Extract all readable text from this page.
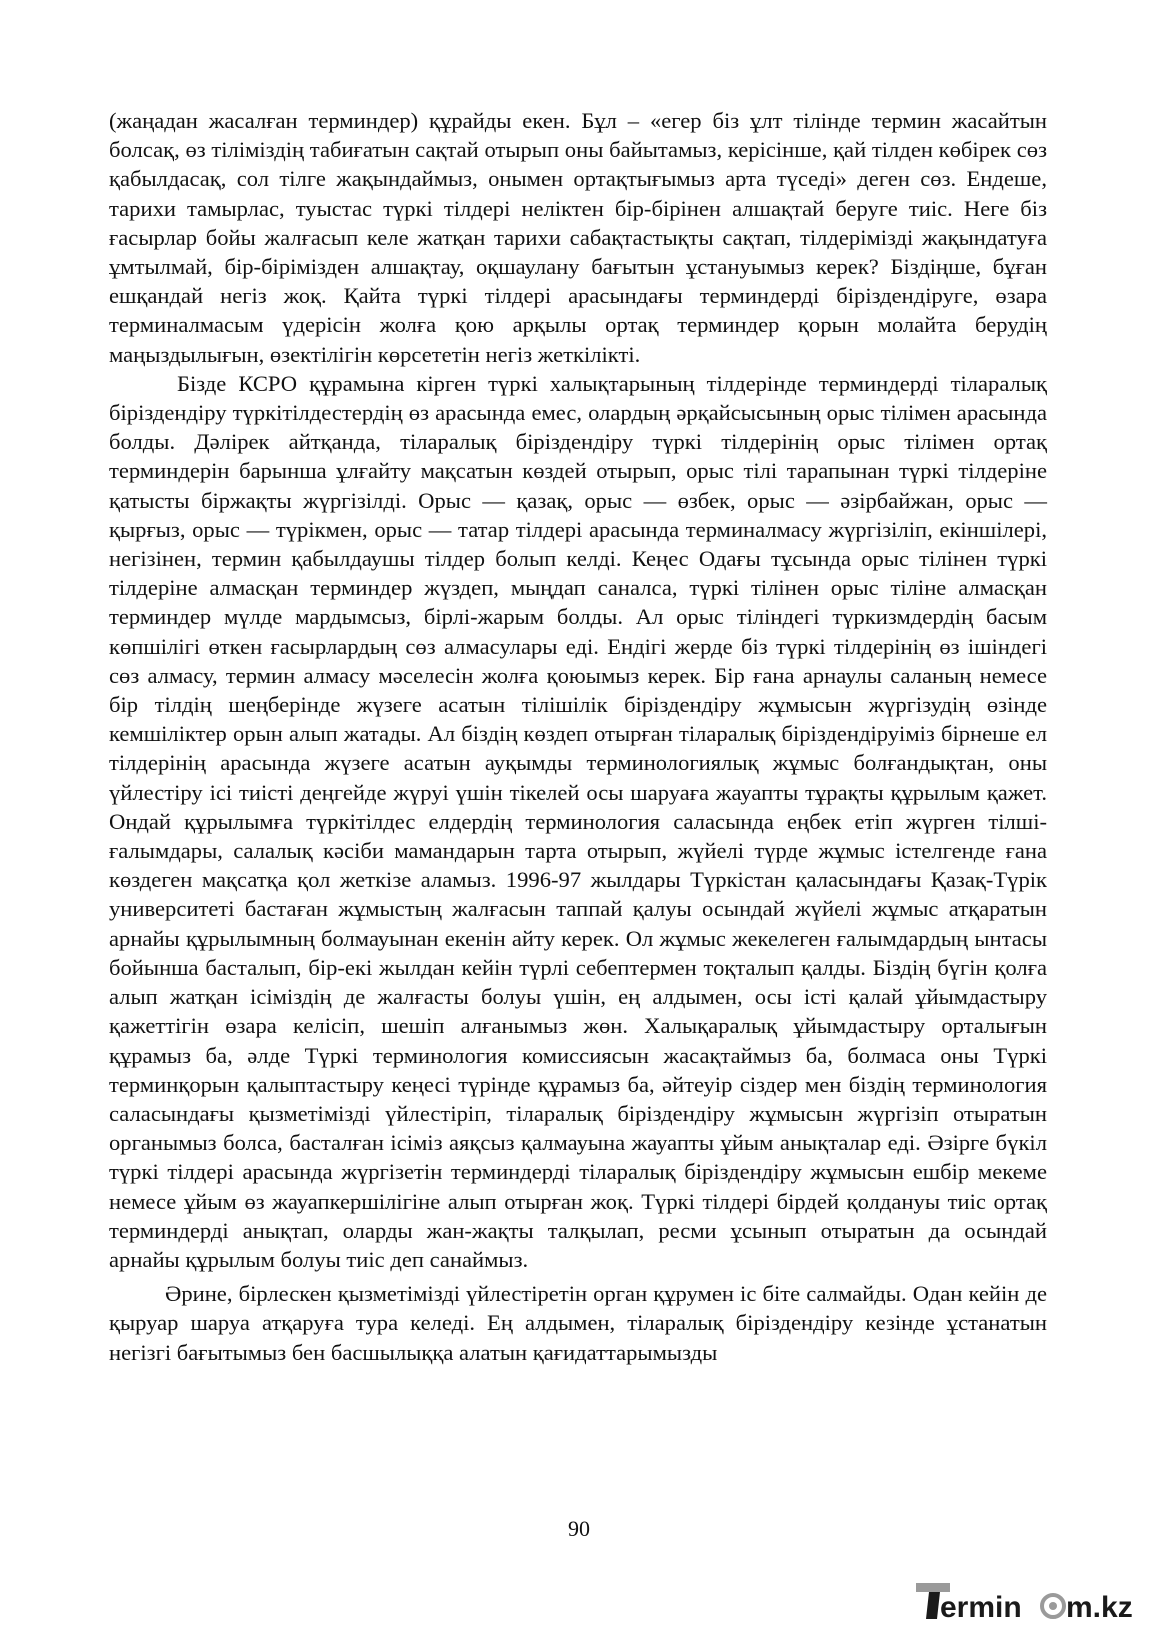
(жаңадан жасалған терминдер) құрайды екен. Бұл – «егер біз ұлт тілінде термин жасайтын болсақ, өз тіліміздің табиғатын сақтай отырып оны байытамыз, керісінше, қай тілден көбірек сөз қабылдасақ, сол тілге жақындаймыз, онымен ортақтығымыз арта түседі» деген сөз. Ендеше, тарихи тамырлас, туыстас түркі тілдері неліктен бір-бірінен алшақтай беруге тиіс. Неге біз ғасырлар бойы жалғасып келе жатқан тарихи сабақтастықты сақтап, тілдерімізді жақындатуға ұмтылмай, бір-бірімізден алшақтау, оқшаулану бағытын ұстануымыз керек? Біздіңше, бұған ешқандай негіз жоқ. Қайта түркі тілдері арасындағы терминдерді біріздендіруге, өзара терминалмасым үдерісін жолға қою арқылы ортақ терминдер қорын молайта берудің маңыздылығын, өзектілігін көрсететін негіз жеткілікті.

Бізде КСРО құрамына кірген түркі халықтарының тілдерінде терминдерді тіларалық біріздендіру түркітілдестердің өз арасында емес, олардың әрқайсысының орыс тілімен арасында болды. Дәлірек айтқанда, тіларалық біріздендіру түркі тілдерінің орыс тілімен ортақ терминдерін барынша ұлғайту мақсатын көздей отырып, орыс тілі тарапынан түркі тілдеріне қатысты біржақты жүргізілді. Орыс — қазақ, орыс — өзбек, орыс — әзірбайжан, орыс — қырғыз, орыс — түрікмен, орыс — татар тілдері арасында терминалмасу жүргізіліп, екіншілері, негізінен, термин қабылдаушы тілдер болып келді. Кеңес Одағы тұсында орыс тілінен түркі тілдеріне алмасқан терминдер жүздеп, мыңдап саналса, түркі тілінен орыс тіліне алмасқан терминдер мүлде мардымсыз, бірлі-жарым болды. Ал орыс тіліндегі түркизмдердің басым көпшілігі өткен ғасырлардың сөз алмасулары еді. Ендігі жерде біз түркі тілдерінің өз ішіндегі сөз алмасу, термин алмасу мәселесін жолға қоюымыз керек. Бір ғана арнаулы саланың немесе бір тілдің шеңберінде жүзеге асатын тілішілік біріздендіру жұмысын жүргізудің өзінде кемшіліктер орын алып жатады. Ал біздің көздеп отырған тіларалық біріздендіруіміз бірнеше ел тілдерінің арасында жүзеге асатын ауқымды терминологиялық жұмыс болғандықтан, оны үйлестіру ісі тиісті деңгейде жүруі үшін тікелей осы шаруаға жауапты тұрақты құрылым қажет. Ондай құрылымға түркітілдес елдердің терминология саласында еңбек етіп жүрген тілші-ғалымдары, салалық кәсіби мамандарын тарта отырып, жүйелі түрде жұмыс істелгенде ғана көздеген мақсатқа қол жеткізе аламыз. 1996-97 жылдары Түркістан қаласындағы Қазақ-Түрік университеті бастаған жұмыстың жалғасын таппай қалуы осындай жүйелі жұмыс атқаратын арнайы құрылымның болмауынан екенін айту керек. Ол жұмыс жекелеген ғалымдардың ынтасы бойынша басталып, бір-екі жылдан кейін түрлі себептермен тоқталып қалды. Біздің бүгін қолға алып жатқан ісіміздің де жалғасты болуы үшін, ең алдымен, осы істі қалай ұйымдастыру қажеттігін өзара келісіп, шешіп алғанымыз жөн. Халықаралық ұйымдастыру орталығын құрамыз ба, әлде Түркі терминология комиссиясын жасақтаймыз ба, болмаса оны Түркі терминқорын қалыптастыру кеңесі түрінде құрамыз ба, әйтеуір сіздер мен біздің терминология саласындағы қызметімізді үйлестіріп, тіларалық біріздендіру жұмысын жүргізіп отыратын органымыз болса, басталған ісіміз аяқсыз қалмауына жауапты ұйым анықталар еді. Әзірге бүкіл түркі тілдері арасында жүргізетін терминдерді тіларалық біріздендіру жұмысын ешбір мекеме немесе ұйым өз жауапкершілігіне алып отырған жоқ. Түркі тілдері бірдей қолдануы тиіс ортақ терминдерді анықтап, оларды жан-жақты талқылап, ресми ұсынып отыратын да осындай арнайы құрылым болуы тиіс деп санаймыз.

Әрине, бірлескен қызметімізді үйлестіретін орган құрумен іс біте салмайды. Одан кейін де қыруар шаруа атқаруға тура келеді. Ең алдымен, тіларалық біріздендіру кезінде ұстанатын негізгі бағытымыз бен басшылыққа алатын қағидаттарымызды

90
ermin m.kz
